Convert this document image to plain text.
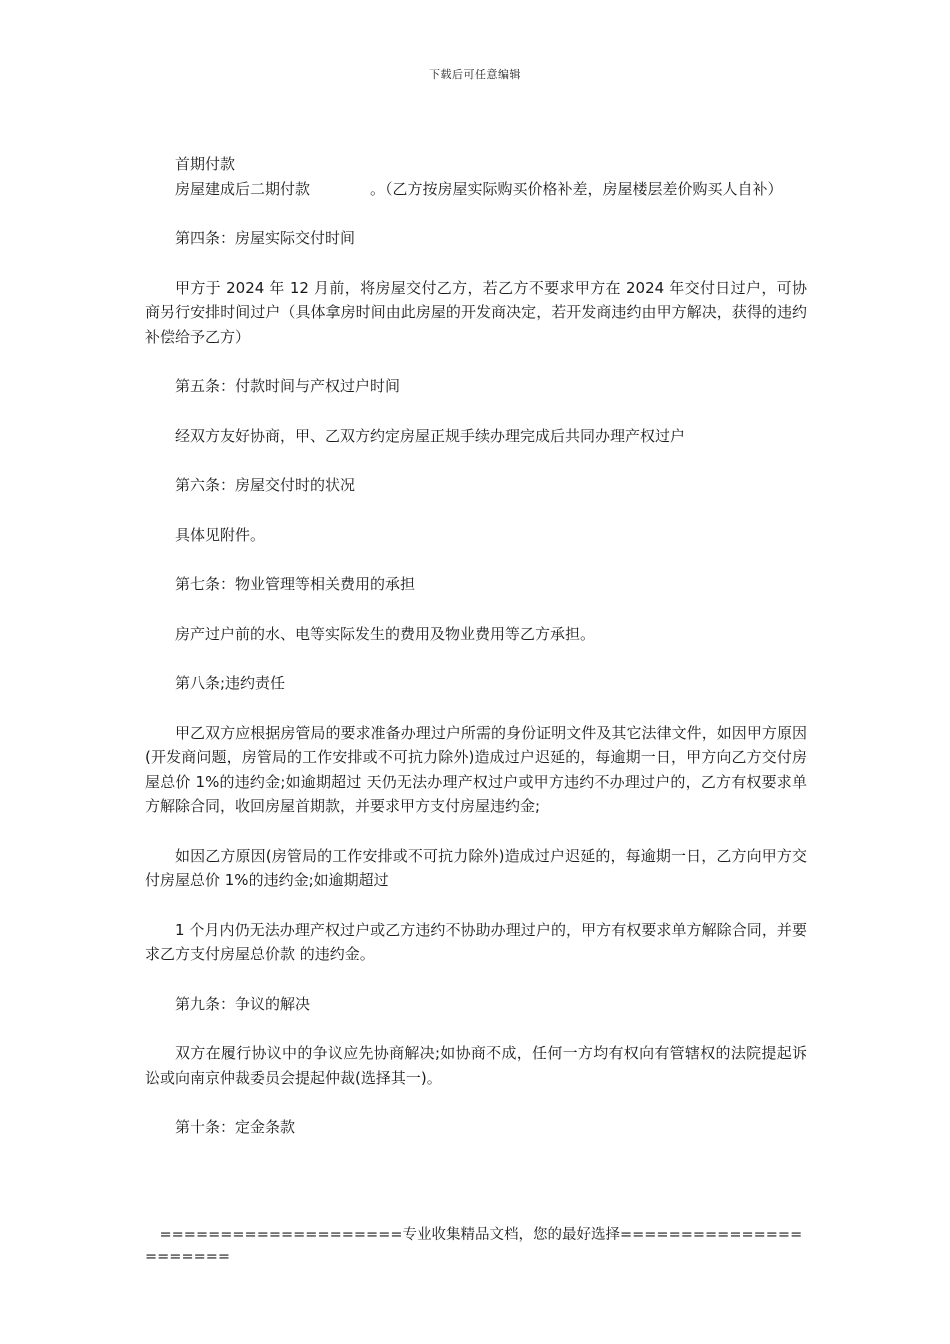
下载后可任意编辑

首期付款

房屋建成后二期付款　　　　。（乙方按房屋实际购买价格补差，房屋楼层差价购买人自补）

第四条：房屋实际交付时间

甲方于 2024 年 12 月前，将房屋交付乙方，若乙方不要求甲方在 2024 年交付日过户，可协商另行安排时间过户（具体拿房时间由此房屋的开发商决定，若开发商违约由甲方解决，获得的违约补偿给予乙方）

第五条：付款时间与产权过户时间

经双方友好协商，甲、乙双方约定房屋正规手续办理完成后共同办理产权过户

第六条：房屋交付时的状况

具体见附件。

第七条：物业管理等相关费用的承担

房产过户前的水、电等实际发生的费用及物业费用等乙方承担。

第八条;违约责任

甲乙双方应根据房管局的要求准备办理过户所需的身份证明文件及其它法律文件，如因甲方原因(开发商问题，房管局的工作安排或不可抗力除外)造成过户迟延的，每逾期一日，甲方向乙方交付房屋总价 1%的违约金;如逾期超过 天仍无法办理产权过户或甲方违约不办理过户的，乙方有权要求单方解除合同，收回房屋首期款，并要求甲方支付房屋违约金;

如因乙方原因(房管局的工作安排或不可抗力除外)造成过户迟延的，每逾期一日，乙方向甲方交付房屋总价 1%的违约金;如逾期超过

1 个月内仍无法办理产权过户或乙方违约不协助办理过户的，甲方有权要求单方解除合同，并要求乙方支付房屋总价款 的违约金。

第九条：争议的解决

双方在履行协议中的争议应先协商解决;如协商不成，任何一方均有权向有管辖权的法院提起诉讼或向南京仲裁委员会提起仲裁(选择其一)。

第十条：定金条款

====================专业收集精品文档，您的最好选择======================
